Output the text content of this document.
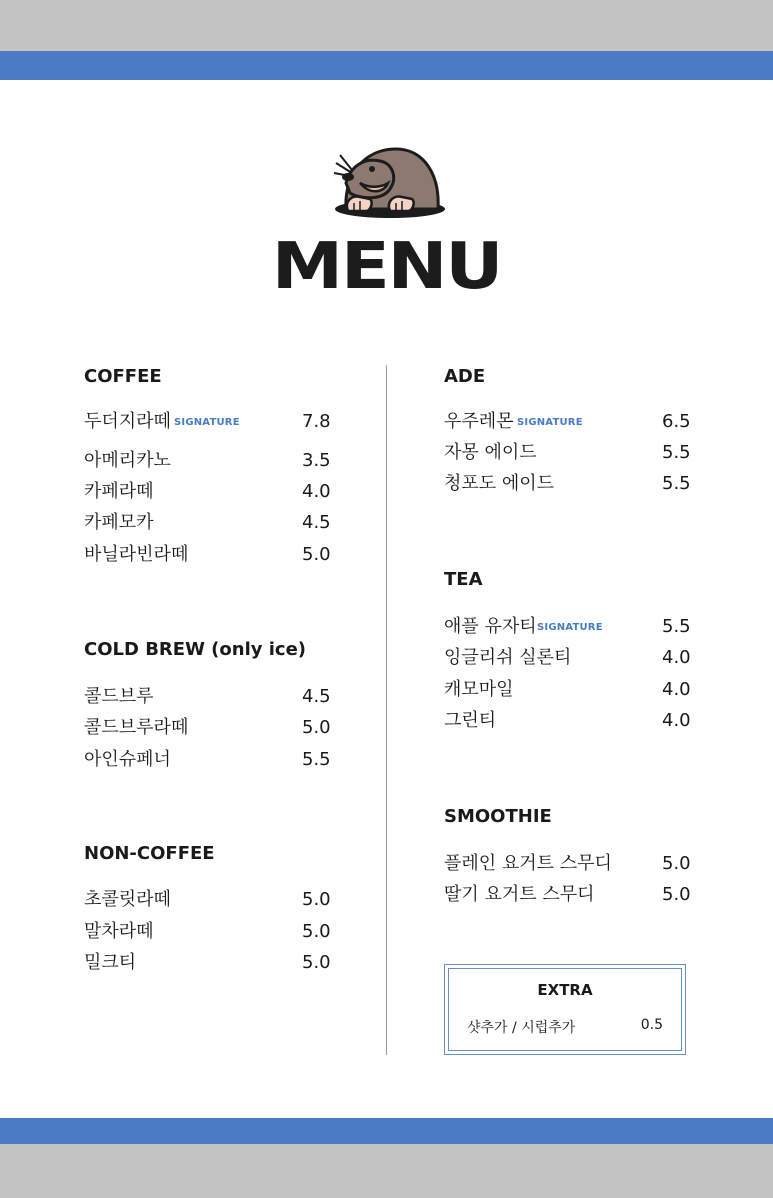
MENU
COFFEE
두더지라떼 SIGNATURE	7.8
아메리카노	3.5
카페라떼	4.0
카페모카	4.5
바닐라빈라떼	5.0
COLD BREW (only ice)
콜드브루	4.5
콜드브루라떼	5.0
아인슈페너	5.5
NON-COFFEE
초콜릿라떼	5.0
말차라떼	5.0
밀크티	5.0
ADE
우주레몬 SIGNATURE	6.5
자몽 에이드	5.5
청포도 에이드	5.5
TEA
애플 유자티 SIGNATURE	5.5
잉글리쉬 실론티	4.0
캐모마일	4.0
그린티	4.0
SMOOTHIE
플레인 요거트 스무디	5.0
딸기 요거트 스무디	5.0
EXTRA
샷추가 / 시럽추가	0.5
